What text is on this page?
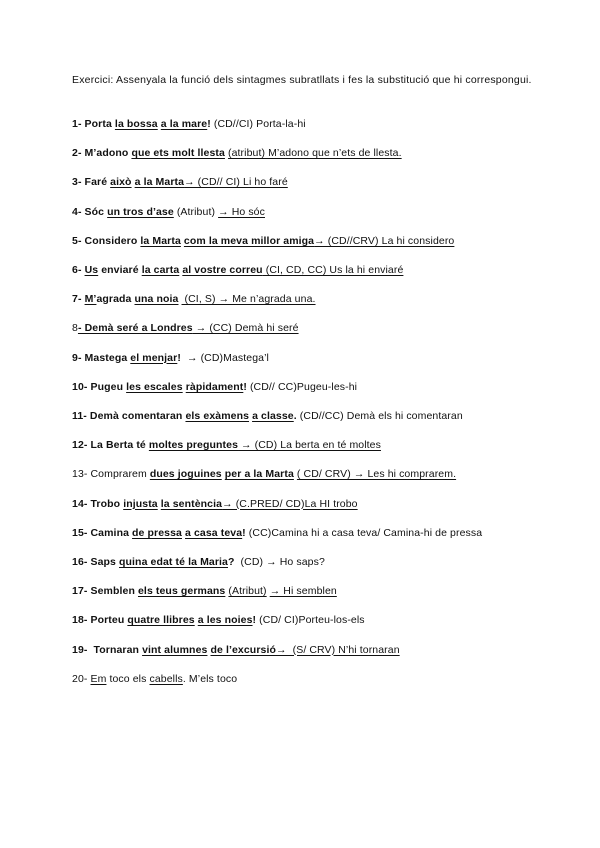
Exercici: Assenyala la funció dels sintagmes subratllats i fes la substitució que hi correspongui.
1- Porta la bossa a la mare! (CD//CI) Porta-la-hi
2- M’adono que ets molt llesta (atribut) M’adono que n’ets de llesta.
3- Faré això a la Marta→ (CD// CI) Li ho faré
4- Sóc un tros d’ase (Atribut) → Ho sóc
5- Considero la Marta com la meva millor amiga→ (CD//CRV) La hi considero
6- Us enviaré la carta al vostre correu (CI, CD, CC) Us la hi enviaré
7- M’agrada una noia  (CI, S) → Me n’agrada una.
8- Demà seré a Londres → (CC) Demà hi seré
9- Mastega el menjar!  → (CD)Mastega’l
10- Pugeu les escales ràpidament! (CD// CC)Pugeu-les-hi
11- Demà comentaran els exàmens a classe. (CD//CC) Demà els hi comentaran
12- La Berta té moltes preguntes → (CD) La berta en té moltes
13- Comprarem dues joguines per a la Marta ( CD/ CRV) → Les hi comprarem.
14- Trobo injusta la sentència→ (C.PRED/ CD)La HI trobo
15- Camina de pressa a casa teva! (CC)Camina hi a casa teva/ Camina-hi de pressa
16- Saps quina edat té la Maria?  (CD) → Ho saps?
17- Semblen els teus germans (Atribut) → Hi semblen
18- Porteu quatre llibres a les noies! (CD/ CI)Porteu-los-els
19-  Tornaran vint alumnes de l’excursió→  (S/ CRV) N’hi tornaran
20- Em toco els cabells. M’els toco
